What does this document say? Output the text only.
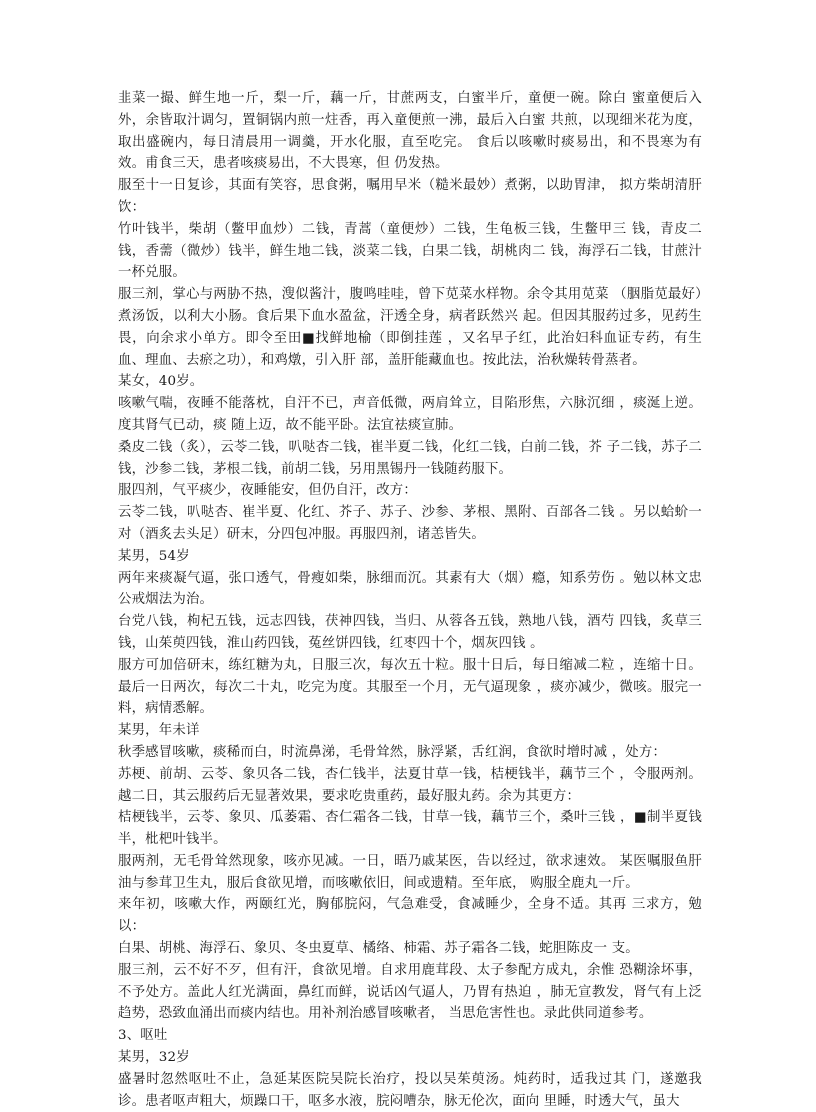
韭菜一撮、鲜生地一斤，梨一斤，藕一斤，甘蔗两支，白蜜半斤，童便一碗。除白 蜜童便后入外，余皆取汁调匀，置铜锅内煎一炷香，再入童便煎一沸，最后入白蜜 共煎，以现细米花为度，取出盛碗内，每日清晨用一调羹，开水化服，直至吃完。 食后以咳嗽时痰易出，和不畏寒为有效。甫食三天，患者咳痰易出，不大畏寒，但 仍发热。

服至十一日复诊，其面有笑容，思食粥，嘱用早米（糙米最妙）煮粥，以助胃津， 拟方柴胡清肝饮：

竹叶钱半，柴胡（鳖甲血炒）二钱，青蒿（童便炒）二钱，生龟板三钱，生鳖甲三 钱，青皮二钱，香薷（微炒）钱半，鲜生地二钱，淡菜二钱，白果二钱，胡桃肉二 钱，海浮石二钱，甘蔗汁一杯兑服。

服三剂，掌心与两胁不热，溲似酱汁，腹鸣哇哇，曾下苋菜水样物。余令其用苋菜 （胭脂苋最好）煮汤饭，以利大小肠。食后果下血水盈盆，汗透全身，病者跃然兴 起。但因其服药过多，见药生畏，向余求小单方。即令至田■找鲜地榆（即倒挂莲 ，又名早子红，此治妇科血证专药，有生血、理血、去瘀之功），和鸡燉，引入肝 部，盖肝能藏血也。按此法，治秋燥转骨蒸者。

某女，40岁。

咳嗽气喘，夜睡不能落枕，自汗不已，声音低微，两肩耸立，目陷形焦，六脉沉细 ，痰涎上逆。度其肾气已动，痰 随上迈，故不能平卧。法宜祛痰宣肺。

桑皮二钱（炙），云苓二钱，叭哒杏二钱，崔半夏二钱，化红二钱，白前二钱，芥 子二钱，苏子二钱，沙参二钱，茅根二钱，前胡二钱，另用黑锡丹一钱随药服下。

服四剂，气平痰少，夜睡能安，但仍自汗，改方：

云苓二钱，叭哒杏、崔半夏、化红、芥子、苏子、沙参、茅根、黑附、百部各二钱 。另以蛤蚧一对（酒炙去头足）研末，分四包冲服。再服四剂，诸恙皆失。

某男，54岁

两年来痰凝气逼，张口透气，骨瘦如柴，脉细而沉。其素有大（烟）瘾，知系劳伤 。勉以林文忠公戒烟法为治。

台党八钱，枸杞五钱，远志四钱，茯神四钱，当归、从蓉各五钱，熟地八钱，酒芍 四钱，炙草三钱，山茱萸四钱，淮山药四钱，菟丝饼四钱，红枣四十个，烟灰四钱 。

服方可加倍研末，练红糖为丸，日服三次，每次五十粒。服十日后，每日缩减二粒 ，连缩十日。最后一日两次，每次二十丸，吃完为度。其服至一个月，无气逼现象 ，痰亦减少，微咳。服完一料，病情悉解。

某男，年未详

秋季感冒咳嗽，痰稀而白，时流鼻涕，毛骨耸然，脉浮紧，舌红润，食欲时增时减 ，处方：

苏梗、前胡、云苓、象贝各二钱，杏仁钱半，法夏甘草一钱，桔梗钱半，藕节三个 ，令服两剂。越二日，其云服药后无显著效果，要求吃贵重药，最好服丸药。余为其更方：

桔梗钱半，云苓、象贝、瓜萎霜、杏仁霜各二钱，甘草一钱，藕节三个，桑叶三钱 ，■制半夏钱半，枇杷叶钱半。

服两剂，无毛骨耸然现象，咳亦见减。一日，晤乃戚某医，告以经过，欲求速效。 某医嘱服鱼肝油与参茸卫生丸，服后食欲见增，而咳嗽依旧，间或遗精。至年底， 购服全鹿丸一斤。

来年初，咳嗽大作，两颐红光，胸郁脘闷，气急难受，食减睡少，全身不适。其再 三求方，勉以：

白果、胡桃、海浮石、象贝、冬虫夏草、橘络、柿霜、苏子霜各二钱，蛇胆陈皮一 支。

服三剂，云不好不歹，但有汗，食欲见增。自求用鹿茸段、太子参配方成丸，余惟 恐糊涂坏事，不予处方。盖此人红光满面，鼻红而鲜，说话凶气逼人，乃胃有热迫 ，肺无宣教发，肾气有上泛趋势，恐致血涌出而痰内结也。用补剂治感冒咳嗽者， 当思危害性也。录此供同道参考。

3、呕吐

某男，32岁

盛暑时忽然呕吐不止，急延某医院吴院长治疗，投以吴茱萸汤。炖药时，适我过其 门，遂邀我诊。患者呕声粗大，烦躁口干，呕多水液，脘闷嘈杂，脉无伦次，面向 里睡，时透大气，虽大
